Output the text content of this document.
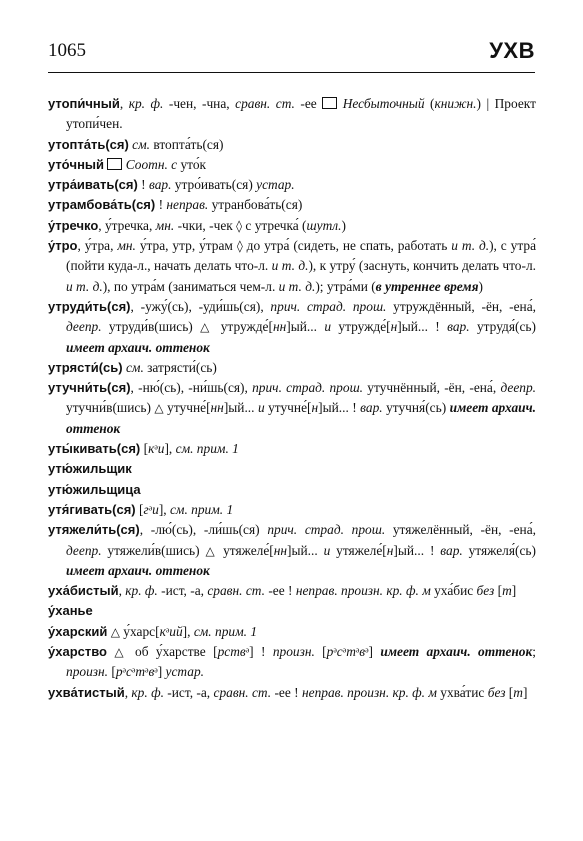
1065	УХВ

утопи́чный, кр. ф. -чен, -чна, сравн. ст. -ее  Несбыточный (книжн.) | Проект утопи́чен.

утопта́ть(ся) см. втопта́ть(ся)

уто́чный Соотн. с уто́к

утра́ивать(ся) ! вар. утро́ивать(ся) устар.

утрамбова́ть(ся) ! неправ. утранбова́ть(ся)

у́тречко, у́тречка, мн. -чки, -чек ◊ с утречка́ (шутл.)

у́тро, у́тра, мн. у́тра, утр, у́трам ◊ до утра́ (сидеть, не спать, работать и т. д.), с утра́ (пойти куда-л., начать делать что-л. и т. д.), к утру́ (заснуть, кончить делать что-л. и т. д.), по утра́м (заниматься чем-л. и т. д.); утра́ми (в утреннее время)

утруди́ть(ся), -ужу́(сь), -уди́шь(ся), прич. страд. прош. утруждённый, -ён, -ена́, деепр. утруди́в(шись) △ утружде́[нн]ый... и утружде́[н]ый... ! вар. утрудя́(сь) имеет архаич. оттенок

утрясти́(сь) см. затрясти́(сь)

утучни́ть(ся), -ню́(сь), -ни́шь(ся), прич. страд. прош. утучнённый, -ён, -ена́, деепр. утучни́в(шись) △ утучне́[нн]ый... и утучне́[н]ый... ! вар. утучня́(сь) имеет архаич. оттенок

уты́кивать(ся) [кᵊи], см. прим. 1

утю́жильщик

утю́жильщица

утя́гивать(ся) [гᵊи], см. прим. 1

утяжели́ть(ся), -лю́(сь), -ли́шь(ся) прич. страд. прош. утяжелённый, -ён, -ена́, деепр. утяжели́в(шись) △ утяжеле́[нн]ый... и утяжеле́[н]ый... ! вар. утяжеля́(сь) имеет архаич. оттенок

уха́бистый, кр. ф. -ист, -а, сравн. ст. -ее ! неправ. произн. кр. ф. м уха́бис без [т]

у́ханье

у́харский △ у́харс[кᵊий], см. прим. 1

у́харство △ об у́харстве [рствᵊ] ! произн. [рᵊсᵊтᵊвᵊ] имеет архаич. оттенок; произн. [рᵊсᵊтᵊвᵊ] устар.

ухва́тистый, кр. ф. -ист, -а, сравн. ст. -ее ! неправ. произн. кр. ф. м ухва́тис без [т]
